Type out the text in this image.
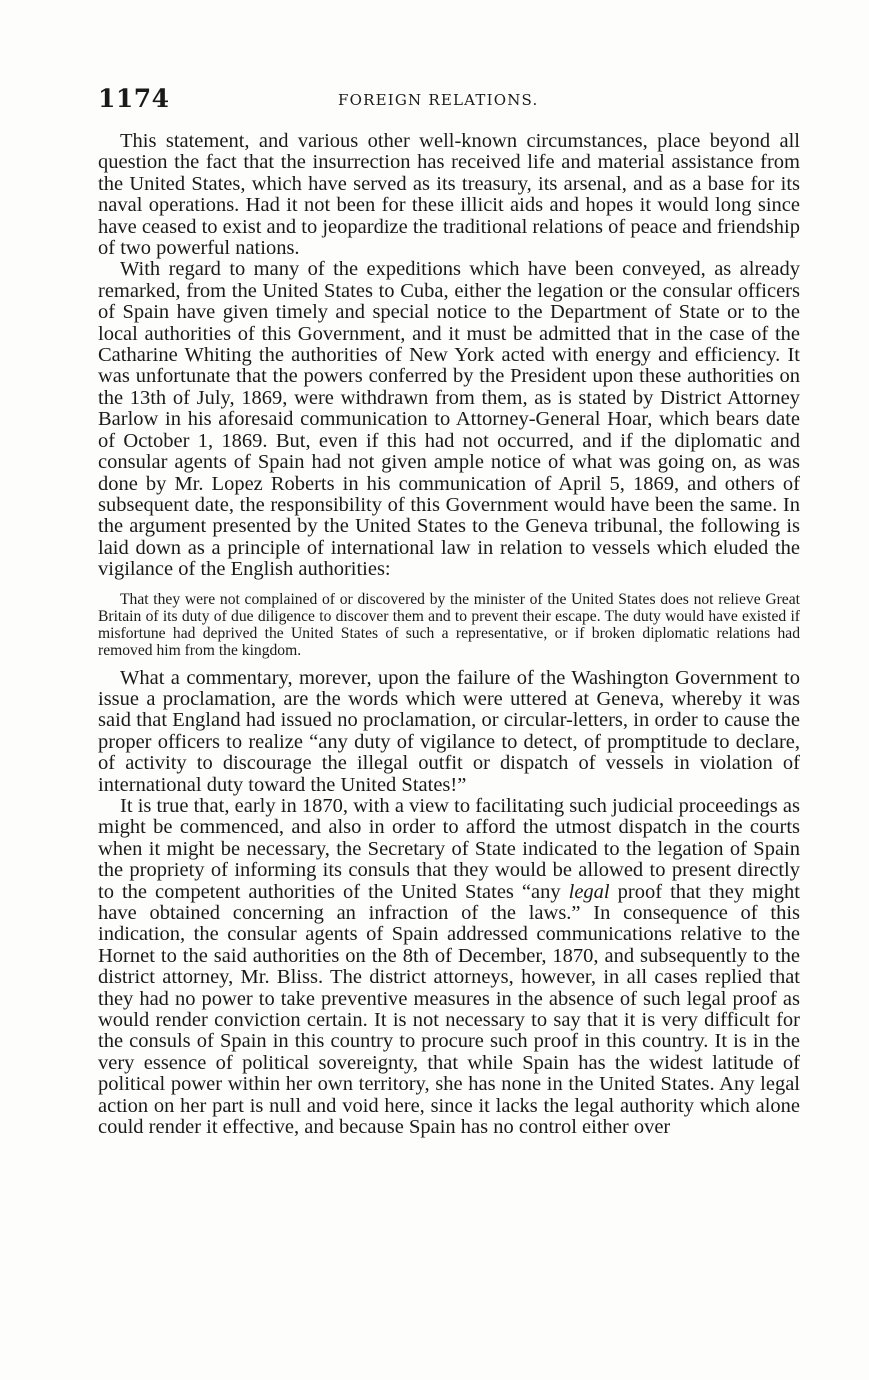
1174	FOREIGN RELATIONS.

This statement, and various other well-known circumstances, place beyond all question the fact that the insurrection has received life and material assistance from the United States, which have served as its treasury, its arsenal, and as a base for its naval operations. Had it not been for these illicit aids and hopes it would long since have ceased to exist and to jeopardize the traditional relations of peace and friendship of two powerful nations.

With regard to many of the expeditions which have been conveyed, as already remarked, from the United States to Cuba, either the legation or the consular officers of Spain have given timely and special notice to the Department of State or to the local authorities of this Government, and it must be admitted that in the case of the Catharine Whiting the authorities of New York acted with energy and efficiency. It was unfortunate that the powers conferred by the President upon these authorities on the 13th of July, 1869, were withdrawn from them, as is stated by District Attorney Barlow in his aforesaid communication to Attorney-General Hoar, which bears date of October 1, 1869. But, even if this had not occurred, and if the diplomatic and consular agents of Spain had not given ample notice of what was going on, as was done by Mr. Lopez Roberts in his communication of April 5, 1869, and others of subsequent date, the responsibility of this Government would have been the same. In the argument presented by the United States to the Geneva tribunal, the following is laid down as a principle of international law in relation to vessels which eluded the vigilance of the English authorities:

That they were not complained of or discovered by the minister of the United States does not relieve Great Britain of its duty of due diligence to discover them and to prevent their escape. The duty would have existed if misfortune had deprived the United States of such a representative, or if broken diplomatic relations had removed him from the kingdom.

What a commentary, morever, upon the failure of the Washington Government to issue a proclamation, are the words which were uttered at Geneva, whereby it was said that England had issued no proclamation, or circular-letters, in order to cause the proper officers to realize “any duty of vigilance to detect, of promptitude to declare, of activity to discourage the illegal outfit or dispatch of vessels in violation of international duty toward the United States!”

It is true that, early in 1870, with a view to facilitating such judicial proceedings as might be commenced, and also in order to afford the utmost dispatch in the courts when it might be necessary, the Secretary of State indicated to the legation of Spain the propriety of informing its consuls that they would be allowed to present directly to the competent authorities of the United States “any legal proof that they might have obtained concerning an infraction of the laws.” In consequence of this indication, the consular agents of Spain addressed communications relative to the Hornet to the said authorities on the 8th of December, 1870, and subsequently to the district attorney, Mr. Bliss. The district attorneys, however, in all cases replied that they had no power to take preventive measures in the absence of such legal proof as would render conviction certain. It is not necessary to say that it is very difficult for the consuls of Spain in this country to procure such proof in this country. It is in the very essence of political sovereignty, that while Spain has the widest latitude of political power within her own territory, she has none in the United States. Any legal action on her part is null and void here, since it lacks the legal authority which alone could render it effective, and because Spain has no control either over
